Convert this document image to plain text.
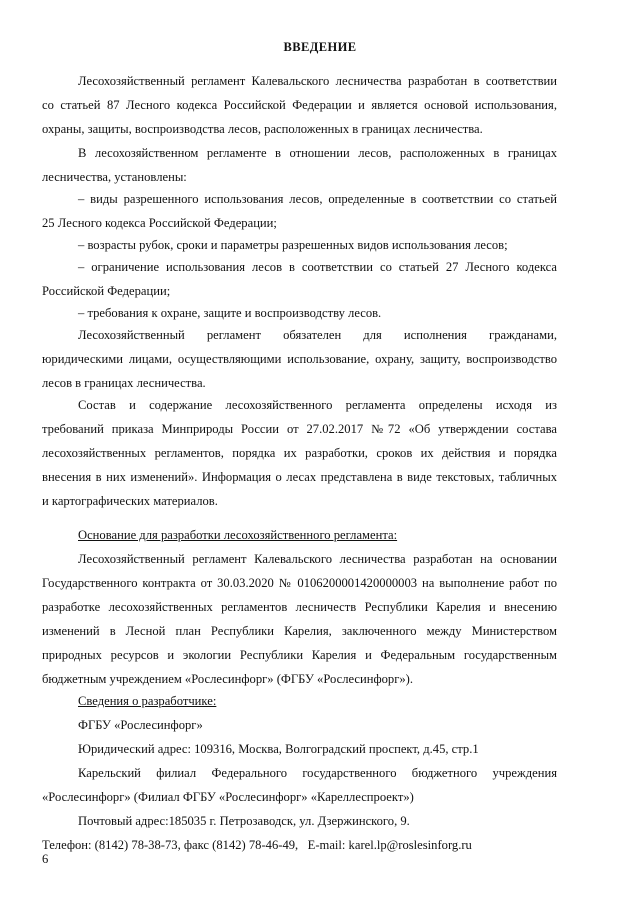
ВВЕДЕНИЕ
Лесохозяйственный регламент Калевальского лесничества разработан в соответствии
со статьей 87 Лесного кодекса Российской Федерации и является основой использования,
охраны, защиты, воспроизводства лесов, расположенных в границах лесничества.
В лесохозяйственном регламенте в отношении лесов, расположенных в границах
лесничества, установлены:
– виды разрешенного использования лесов, определенные в соответствии со статьей
25 Лесного кодекса Российской Федерации;
– возрасты рубок, сроки и параметры разрешенных видов использования лесов;
– ограничение использования лесов в соответствии со статьей 27 Лесного кодекса
Российской Федерации;
– требования к охране, защите и воспроизводству лесов.
Лесохозяйственный регламент обязателен для исполнения гражданами,
юридическими лицами, осуществляющими использование, охрану, защиту, воспроизводство
лесов в границах лесничества.
Состав и содержание лесохозяйственного регламента определены исходя из
требований приказа Минприроды России от 27.02.2017 №72 «Об утверждении состава
лесохозяйственных регламентов, порядка их разработки, сроков их действия и порядка
внесения в них изменений». Информация о лесах представлена в виде текстовых, табличных
и картографических материалов.
Основание для разработки лесохозяйственного регламента:
Лесохозяйственный регламент Калевальского лесничества разработан на основании
Государственного контракта от 30.03.2020 № 0106200001420000003 на выполнение работ по
разработке лесохозяйственных регламентов лесничеств Республики Карелия и внесению
изменений в Лесной план Республики Карелия, заключенного между Министерством
природных ресурсов и экологии Республики Карелия и Федеральным государственным
бюджетным учреждением «Рослесинфорг» (ФГБУ «Рослесинфорг»).
Сведения о разработчике:
ФГБУ «Рослесинфорг»
Юридический адрес: 109316, Москва, Волгоградский проспект, д.45, стр.1
Карельский филиал Федерального государственного бюджетного учреждения
«Рослесинфорг» (Филиал ФГБУ «Рослесинфорг» «Кареллеспроект»)
Почтовый адрес:185035 г. Петрозаводск, ул. Дзержинского, 9.
Телефон: (8142) 78-38-73, факс (8142) 78-46-49,   E-mail: karel.lp@roslesinforg.ru
6
